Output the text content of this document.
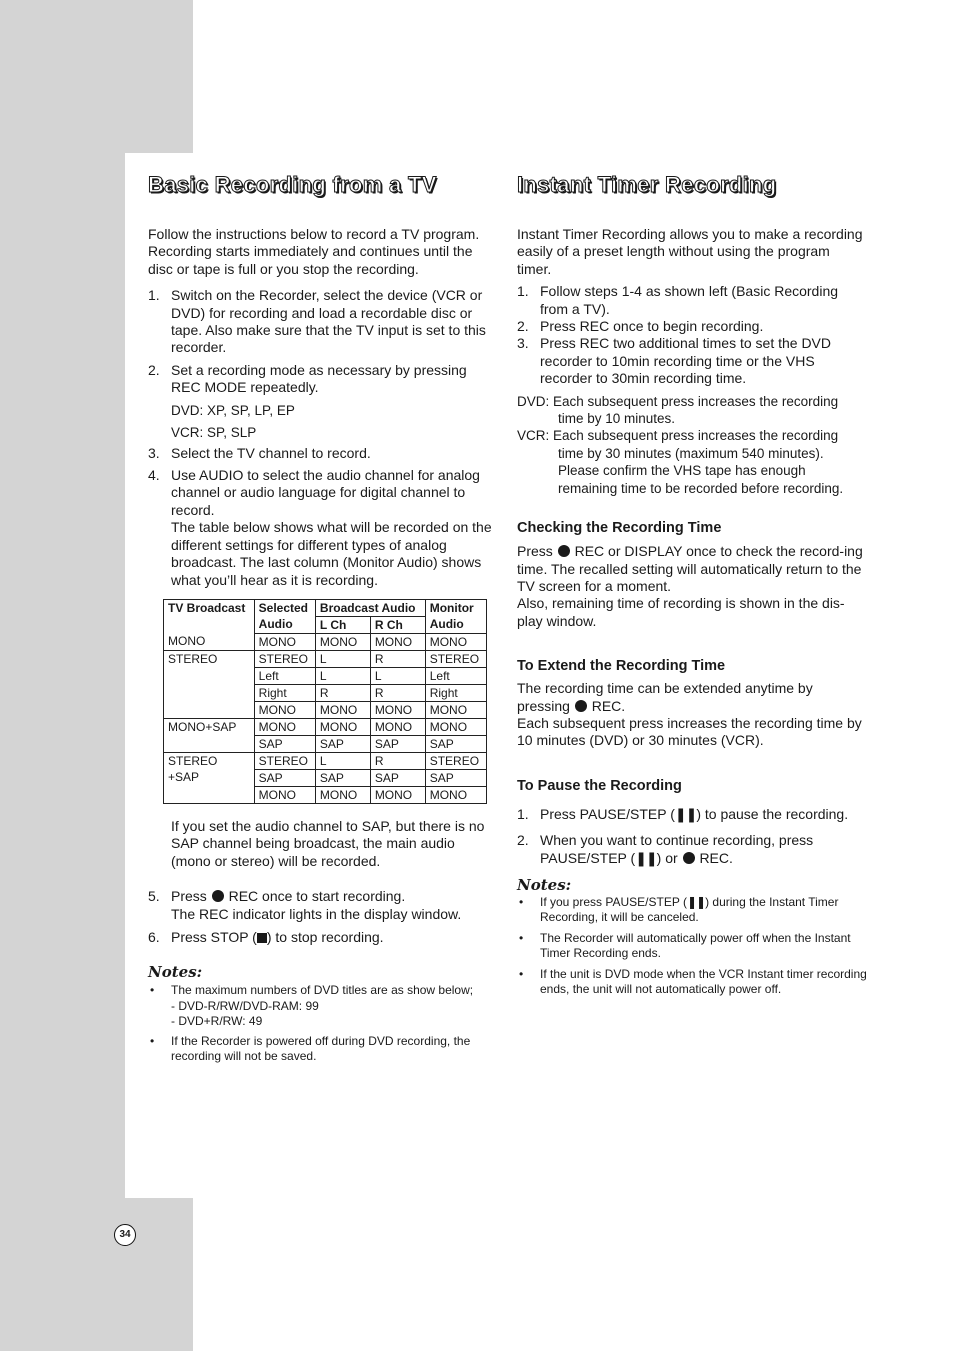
34
Basic Recording from a TV

Follow the instructions below to record a TV program. Recording starts immediately and continues until the disc or tape is full or you stop the recording.

1. Switch on the Recorder, select the device (VCR or DVD) for recording and load a recordable disc or tape. Also make sure that the TV input is set to this recorder.
2. Set a recording mode as necessary by pressing REC MODE repeatedly.
DVD: XP, SP, LP, EP
VCR: SP, SLP
3. Select the TV channel to record.
4. Use AUDIO to select the audio channel for analog channel or audio language for digital channel to record.
The table below shows what will be recorded on the different settings for different types of analog broadcast. The last column (Monitor Audio) shows what you’ll hear as it is recording.
TV Broadcast	Selected	Broadcast Audio		Monitor
	Audio	L Ch	R Ch	Audio
MONO	MONO	MONO	MONO	MONO
STEREO	STEREO	L	R	STEREO
	Left	L	L	Left
	Right	R	R	Right
	MONO	MONO	MONO	MONO
MONO+SAP	MONO	MONO	MONO	MONO
	SAP	SAP	SAP	SAP
STEREO
+SAP	STEREO	L	R	STEREO
	SAP	SAP	SAP	SAP
	MONO	MONO	MONO	MONO
If you set the audio channel to SAP, but there is no SAP channel being broadcast, the main audio (mono or stereo) will be recorded.
5. Press REC once to start recording.
The REC indicator lights in the display window.
6. Press STOP ( ) to stop recording.
Notes:
• The maximum numbers of DVD titles are as show below;
- DVD-R/RW/DVD-RAM: 99
- DVD+R/RW: 49
• If the Recorder is powered off during DVD recording, the recording will not be saved.
Instant Timer Recording

Instant Timer Recording allows you to make a recording easily of a preset length without using the program timer.

1. Follow steps 1-4 as shown left (Basic Recording from a TV).
2. Press REC once to begin recording.
3. Press REC two additional times to set the DVD recorder to 10min recording time or the VHS recorder to 30min recording time.
DVD: Each subsequent press increases the recording time by 10 minutes.
VCR: Each subsequent press increases the recording time by 30 minutes (maximum 540 minutes). Please confirm the VHS tape has enough remaining time to be recorded before recording.
Checking the Recording Time

Press REC or DISPLAY once to check the record-ing time. The recalled setting will automatically return to the TV screen for a moment.
Also, remaining time of recording is shown in the dis-play window.

To Extend the Recording Time

The recording time can be extended anytime by pressing REC.
Each subsequent press increases the recording time by 10 minutes (DVD) or 30 minutes (VCR).

To Pause the Recording
1. Press PAUSE/STEP (❚❚) to pause the recording.
2. When you want to continue recording, press PAUSE/STEP (❚❚) or REC.
Notes:
• If you press PAUSE/STEP (❚❚) during the Instant Timer Recording, it will be canceled.
• The Recorder will automatically power off when the Instant Timer Recording ends.
• If the unit is DVD mode when the VCR Instant timer recording ends, the unit will not automatically power off.
